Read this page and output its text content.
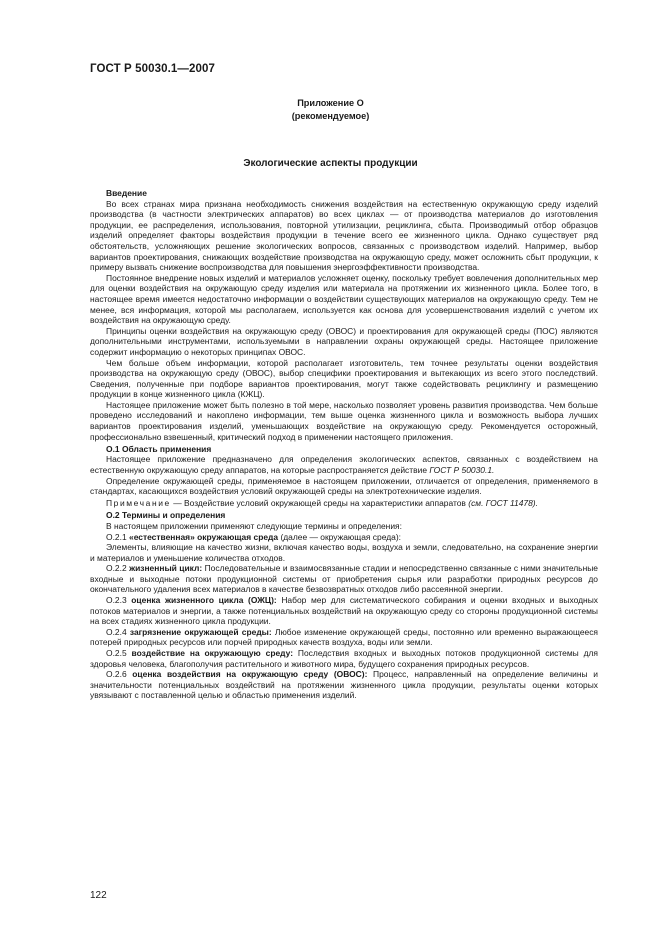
ГОСТ Р 50030.1—2007
Приложение О
(рекомендуемое)
Экологические аспекты продукции

Введение

Во всех странах мира признана необходимость снижения воздействия на естественную окружающую среду изделий производства (в частности электрических аппаратов) во всех циклах — от производства материалов до изготовления продукции, ее распределения, использования, повторной утилизации, рециклинга, сбыта. Производимый отбор образцов изделий определяет факторы воздействия продукции в течение всего ее жизненного цикла. Однако существует ряд обстоятельств, усложняющих решение экологических вопросов, связанных с производством изделий. Например, выбор вариантов проектирования, снижающих воздействие производства на окружающую среду, может осложнить сбыт продукции, к примеру вызвать снижение воспроизводства для повышения энергоэффективности производства.

Постоянное внедрение новых изделий и материалов усложняет оценку, поскольку требует вовлечения дополнительных мер для оценки воздействия на окружающую среду изделия или материала на протяжении их жизненного цикла. Более того, в настоящее время имеется недостаточно информации о воздействии существующих материалов на окружающую среду. Тем не менее, вся информация, которой мы располагаем, используется как основа для усовершенствования изделий с учетом их воздействия на окружающую среду.

Принципы оценки воздействия на окружающую среду (ОВОС) и проектирования для окружающей среды (ПОС) являются дополнительными инструментами, используемыми в направлении охраны окружающей среды. Настоящее приложение содержит информацию о некоторых принципах ОВОС.

Чем больше объем информации, которой располагает изготовитель, тем точнее результаты оценки воздействия производства на окружающую среду (ОВОС), выбор специфики проектирования и вытекающих из всего этого последствий. Сведения, полученные при подборе вариантов проектирования, могут также содействовать рециклингу и размещению продукции в конце жизненного цикла (КЖЦ).

Настоящее приложение может быть полезно в той мере, насколько позволяет уровень развития производства. Чем больше проведено исследований и накоплено информации, тем выше оценка жизненного цикла и возможность выбора лучших вариантов проектирования изделий, уменьшающих воздействие на окружающую среду. Рекомендуется осторожный, профессионально взвешенный, критический подход в применении настоящего приложения.

О.1 Область применения

Настоящее приложение предназначено для определения экологических аспектов, связанных с воздействием на естественную окружающую среду аппаратов, на которые распространяется действие ГОСТ Р 50030.1.

Определение окружающей среды, применяемое в настоящем приложении, отличается от определения, применяемого в стандартах, касающихся воздействия условий окружающей среды на электротехнические изделия.

Примечание — Воздействие условий окружающей среды на характеристики аппаратов (см. ГОСТ 11478).

О.2 Термины и определения

В настоящем приложении применяют следующие термины и определения:

О.2.1 «естественная» окружающая среда (далее — окружающая среда):

Элементы, влияющие на качество жизни, включая качество воды, воздуха и земли, следовательно, на сохранение энергии и материалов и уменьшение количества отходов.

О.2.2 жизненный цикл: Последовательные и взаимосвязанные стадии и непосредственно связанные с ними значительные входные и выходные потоки продукционной системы от приобретения сырья или разработки природных ресурсов до окончательного удаления всех материалов в качестве безвозвратных отходов либо рассеянной энергии.

О.2.3 оценка жизненного цикла (ОЖЦ): Набор мер для систематического собирания и оценки входных и выходных потоков материалов и энергии, а также потенциальных воздействий на окружающую среду со стороны продукционной системы на всех стадиях жизненного цикла продукции.

О.2.4 загрязнение окружающей среды: Любое изменение окружающей среды, постоянно или временно выражающееся потерей природных ресурсов или порчей природных качеств воздуха, воды или земли.

О.2.5 воздействие на окружающую среду: Последствия входных и выходных потоков продукционной системы для здоровья человека, благополучия растительного и животного мира, будущего сохранения природных ресурсов.

О.2.6 оценка воздействия на окружающую среду (ОВОС): Процесс, направленный на определение величины и значительности потенциальных воздействий на протяжении жизненного цикла продукции, результаты оценки которых увязывают с поставленной целью и областью применения изделий.

122
